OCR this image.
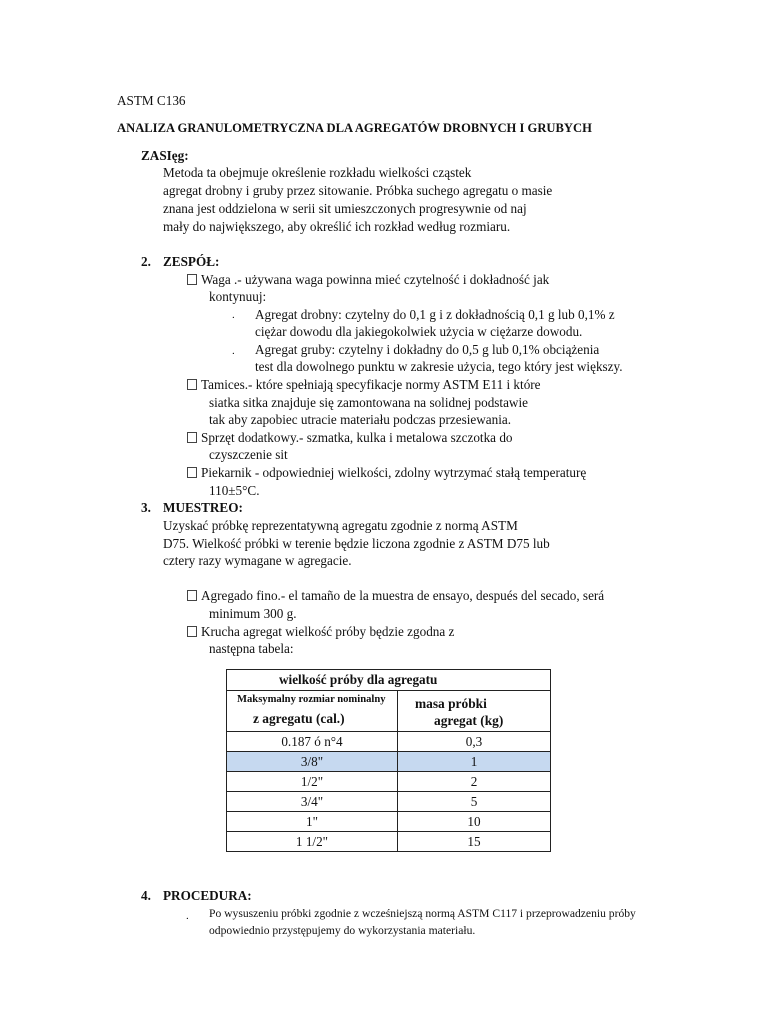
ASTM C136
ANALIZA GRANULOMETRYCZNA DLA AGREGATÓW DROBNYCH I GRUBYCH
ZASIęg:
Metoda ta obejmuje określenie rozkładu wielkości cząstek
agregat drobny i gruby przez sitowanie. Próbka suchego agregatu o masie
znana jest oddzielona w serii sit umieszczonych progresywnie od naj
mały do największego, aby określić ich rozkład według rozmiaru.
2. ZESPÓŁ:
Waga .- używana waga powinna mieć czytelność i dokładność jak
kontynuuj:
. Agregat drobny: czytelny do 0,1 g i z dokładnością 0,1 g lub 0,1% z
ciężar dowodu dla jakiegokolwiek użycia w ciężarze dowodu.
. Agregat gruby: czytelny i dokładny do 0,5 g lub 0,1% obciążenia
test dla dowolnego punktu w zakresie użycia, tego który jest większy.
Tamices.- które spełniają specyfikacje normy ASTM E11 i które
siatka sitka znajduje się zamontowana na solidnej podstawie
tak aby zapobiec utracie materiału podczas przesiewania.
Sprzęt dodatkowy.- szmatka, kulka i metalowa szczotka do
czyszczenie sit
Piekarnik - odpowiedniej wielkości, zdolny wytrzymać stałą temperaturę
110±5°C.
3. MUESTREO:
Uzyskać próbkę reprezentatywną agregatu zgodnie z normą ASTM
D75. Wielkość próbki w terenie będzie liczona zgodnie z ASTM D75 lub
cztery razy wymagane w agregacie.
Agregado fino.- el tamaño de la muestra de ensayo, después del secado, será
minimum 300 g.
Krucha agregat wielkość próby będzie zgodna z
następna tabela:
wielkość próby dla agregatu	

Maksymalny rozmiar nominalny
z agregatu (cal.)	masa próbki
agregat (kg)

0.187 ó n°4	0,3
3/8"	1
1/2"	2
3/4"	5
1"	10
1 1/2"	15
4. PROCEDURA:
. Po wysuszeniu próbki zgodnie z wcześniejszą normą ASTM C117 i przeprowadzeniu próby
odpowiednio przystępujemy do wykorzystania materiału.
